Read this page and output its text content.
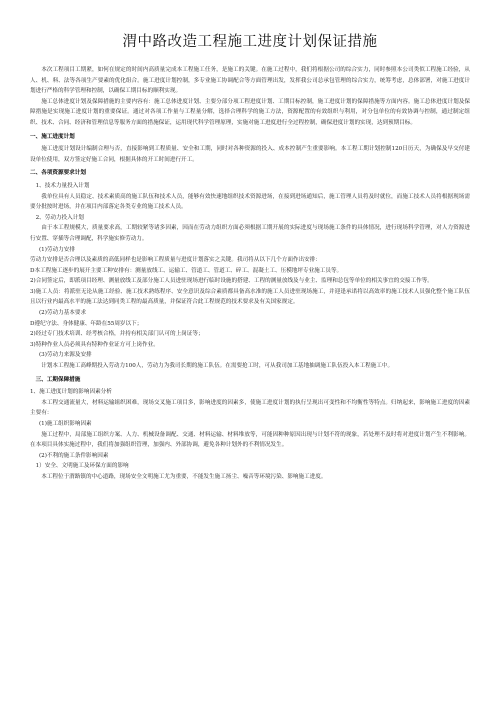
渭中路改造工程施工进度计划保证措施

本次工程项目工期紧，如何在规定的时间内高质量完成本工程施工任务，是施工的关键。在施工过程中，我们将根据公司的综合实力，同时参照本公司类似工程施工经验，从人、机、料、法等各项生产要素的优化组合。施工进度计划控制，多专业施工协调配合等方面管理出发，发挥我公司总承包管理的综合实力，统筹考虑，总体部署，对施工进度计划进行严格的科学管理和控制，以确保工期目标的顺利实现。

施工总体进度计划及保障措施的主要内容有：施工总体进度计划、主要分部分项工程进度计划、工期目标控制，施工进度计划的保障措施等方面内容。施工总体进度计划及保障措施是实现施工进度计划的重要保证。通过对各项工作量与工程量分解，选择合理科学的施工方法，资源配置的有效组织与利用，对分包单位的有效协调与控制，通过制定组织、技术、合同、经济和管理信息等服务方面的措施保证，运用现代科学管理原理，实施对施工进度进行全过程控制，确保进度计划的实现，达到预期目标。

一、施工进度计划

施工进度计划设计编制合理与否，直接影响到工程质量、安全和工期，同时对各种资源的投入、成本控制产生重要影响。本工程工期计划控制120日历天，为确保及早交付建设单位使用，双方签定好施工合同，根据具体的开工时间进行开工。

二、各项资源要求计划

1、技术力量投入计划

我单位具有人员稳定、技术素质高的施工队伍和技术人员，能够有效快速地组织技术资源进场，在接到进场通知后，施工管理人员将及时就位，而施工技术人员将根据现场需要分批按时进场，并在项目内部落定各类专业的施工技术人员。

2、劳动力投入计划

由于本工程规模大，质量要求高，工期较紧等诸多因素，因而在劳动力组织方面必须根据工期开展的实际进度与现场施工条件的具体情况，进行现场科学管理，对人力资源进行安置、穿插等合理调配，科学施实修劳动力。

(1)劳动力安排

劳动力安排是否合理以及素质的高低同样也是影响工程质量与进度计划落实之关键。我司将从以下几个方面作出安排：

D本工程施工逐步的展开主要工种安排有：测量放线工、运输工、管道工、管道工、碎工、混凝土工、压模地坪专业施工员等。

2)合同签定后，即派项目经理、测量放线工及部分施工人员进驻现场进行临时设施的搭建、工程的测量放线及与业主、监理和总包等单位的相关事宜的交接工作等。

3)施工人员：将派驻无论从施工经验、施工技术熟练程序、安全意识及综合素质都具备高水准的施工人员进驻现场施工，并迎逢承诺将以高效率的施工技术人员强化整个施工队伍且以行业内最高水平的施工法达到同类工程的最高质量，并保证符合此工程规范的技术要求及有关国家规定。

(2)劳动力基本要求

D遵纪守法、身体健康、年龄在55周岁以下；

2)经过专门技术培训、经考核合格，并持有相关部门认可的上岗证等；

3)特种作业人员必须具有特种作业证方可上岗作业。

(3)劳动力来源及安排

计划本工程施工高峰期投入劳动力100人，劳动力为我司长期的施工队伍。在需要抢工时，可从我司加工基地抽调施工队伍投入本工程施工中。

三、工期保障措施

1、施工进度计划的影响因素分析

本工程交通流量大，材料运输組织困难，现场交叉施工项目多，影响进度的因素多，使施工进度计划的执行呈现出可变性和不均衡性等特点。归纳起来，影响施工进度的因素主要有：

(1)施工组织影响因素

施工过程中，局部施工组织方案、人力、机械设备调配、交通、材料运输、材料堆放等，可能因种种原因出现与计划不符的现象，若处理不及时将对进度计划产生不利影响。在本项目具体实施过程中，我们将加强组织管理，加强内、外部协调，避免各种计划外的不利情况发生。

(2)不利的施工条件影响因素

1）安全、文明施工及环保方面的影响

本工程位于渭路镇的中心道路，现场安全文明施工尤为重要，不能发生施工扬尘、噪音等环境污染、影响施工进度。
